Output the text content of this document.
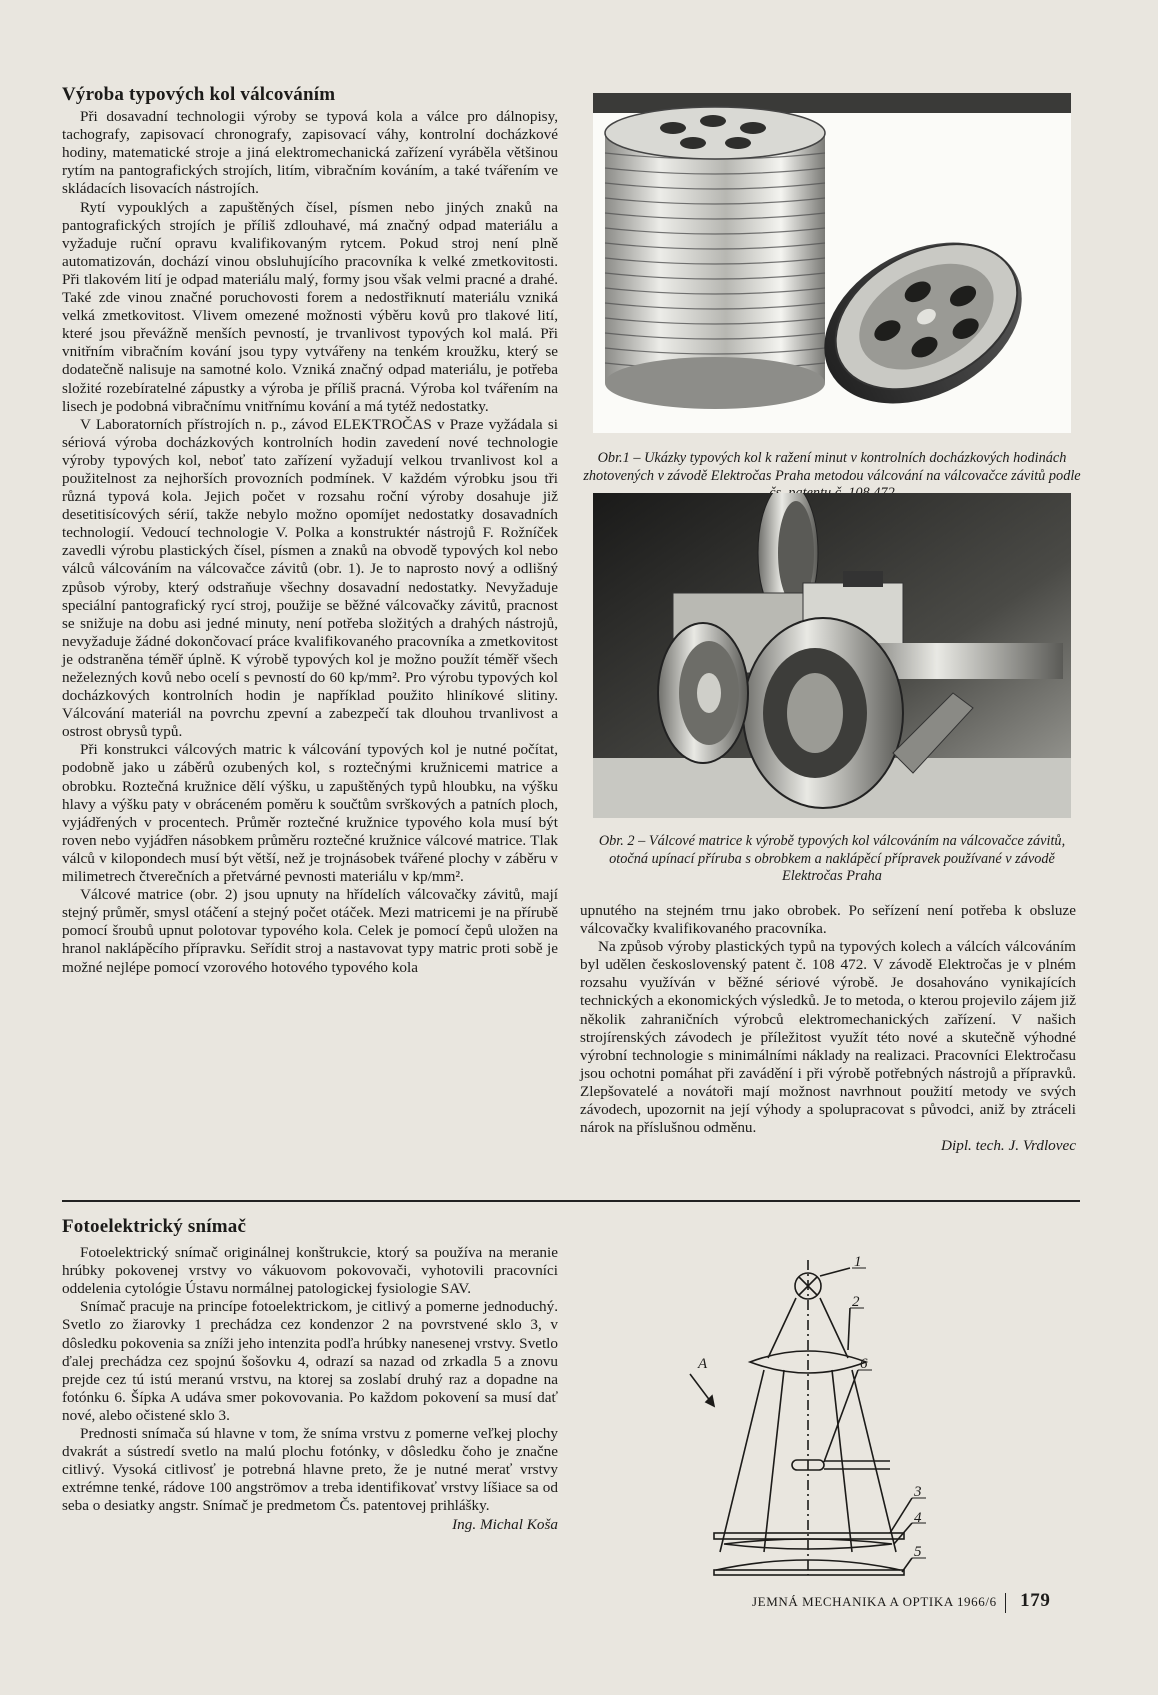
Výroba typových kol válcováním

Při dosavadní technologii výroby se typová kola a válce pro dálnopisy, tachografy, zapisovací chronografy, zapisovací váhy, kontrolní docházkové hodiny, matematické stroje a jiná elektromechanická zařízení vyráběla většinou rytím na pantografických strojích, litím, vibračním kováním, a také tvářením ve skládacích lisovacích nástrojích.

Rytí vypouklých a zapuštěných čísel, písmen nebo jiných znaků na pantografických strojích je příliš zdlouhavé, má značný odpad materiálu a vyžaduje ruční opravu kvalifikovaným rytcem. Pokud stroj není plně automatizován, dochází vinou obsluhujícího pracovníka k velké zmetkovitosti. Při tlakovém lití je odpad materiálu malý, formy jsou však velmi pracné a drahé. Také zde vinou značné poruchovosti forem a nedostřiknutí materiálu vzniká velká zmetkovitost. Vlivem omezené možnosti výběru kovů pro tlakové lití, které jsou převážně menších pevností, je trvanlivost typových kol malá. Při vnitřním vibračním kování jsou typy vytvářeny na tenkém kroužku, který se dodatečně nalisuje na samotné kolo. Vzniká značný odpad materiálu, je potřeba složité rozebíratelné zápustky a výroba je příliš pracná. Výroba kol tvářením na lisech je podobná vibračnímu vnitřnímu kování a má tytéž nedostatky.

V Laboratorních přístrojích n. p., závod ELEKTROČAS v Praze vyžádala si sériová výroba docházkových kontrolních hodin zavedení nové technologie výroby typových kol, neboť tato zařízení vyžadují velkou trvanlivost kol a použitelnost za nejhorších provozních podmínek. V každém výrobku jsou tři různá typová kola. Jejich počet v rozsahu roční výroby dosahuje již desetitisícových sérií, takže nebylo možno opomíjet nedostatky dosavadních technologií. Vedoucí technologie V. Polka a konstruktér nástrojů F. Rožníček zavedli výrobu plastických čísel, písmen a znaků na obvodě typových kol nebo válců válcováním na válcovačce závitů (obr. 1). Je to naprosto nový a odlišný způsob výroby, který odstraňuje všechny dosavadní nedostatky. Nevyžaduje speciální pantografický rycí stroj, použije se běžné válcovačky závitů, pracnost se snižuje na dobu asi jedné minuty, není potřeba složitých a drahých nástrojů, nevyžaduje žádné dokončovací práce kvalifikovaného pracovníka a zmetkovitost je odstraněna téměř úplně. K výrobě typových kol je možno použít téměř všech neželezných kovů nebo ocelí s pevností do 60 kp/mm². Pro výrobu typových kol docházkových kontrolních hodin je například použito hliníkové slitiny. Válcování materiál na povrchu zpevní a zabezpečí tak dlouhou trvanlivost a ostrost obrysů typů.

Při konstrukci válcových matric k válcování typových kol je nutné počítat, podobně jako u záběrů ozubených kol, s roztečnými kružnicemi matrice a obrobku. Roztečná kružnice dělí výšku, u zapuštěných typů hloubku, na výšku hlavy a výšku paty v obráceném poměru k součtům svrškových a patních ploch, vyjádřených v procentech. Průměr roztečné kružnice typového kola musí být roven nebo vyjádřen násobkem průměru roztečné kružnice válcové matrice. Tlak válců v kilopondech musí být větší, než je trojnásobek tvářené plochy v záběru v milimetrech čtverečních a přetvárné pevnosti materiálu v kp/mm².

Válcové matrice (obr. 2) jsou upnuty na hřídelích válcovačky závitů, mají stejný průměr, smysl otáčení a stejný počet otáček. Mezi matricemi je na přírubě pomocí šroubů upnut polotovar typového kola. Celek je pomocí čepů uložen na hranol naklápěcího přípravku. Seřídit stroj a nastavovat typy matric proti sobě je možné nejlépe pomocí vzorového hotového typového kola

Obr.1 – Ukázky typových kol k ražení minut v kontrolních docházkových hodinách zhotovených v závodě Elektročas Praha metodou válcování na válcovačce závitů podle
Obr. 2 – Válcové matrice k výrobě typových kol válcováním na válcovačce závitů, otočná upínací příruba s obrobkem a naklápěcí přípravek používané v závodě Elektročas Praha

upnutého na stejném trnu jako obrobek. Po seřízení není potřeba k obsluze válcovačky kvalifikovaného pracovníka.

Na způsob výroby plastických typů na typových kolech a válcích válcováním byl udělen československý patent č. 108 472. V závodě Elektročas je v plném rozsahu využíván v běžné sériové výrobě. Je dosahováno vynikajících technických a ekonomických výsledků. Je to metoda, o kterou projevilo zájem již několik zahraničních výrobců elektromechanických zařízení. V našich strojírenských závodech je příležitost využít této nové a skutečně výhodné výrobní technologie s minimálními náklady na realizaci. Pracovníci Elektročasu jsou ochotni pomáhat při zavádění i při výrobě potřebných nástrojů a přípravků. Zlepšovatelé a novátoři mají možnost navrhnout použití metody ve svých závodech, upozornit na její výhody a spolupracovat s původci, aniž by ztráceli nárok na příslušnou odměnu.

Dipl. tech. J. Vrdlovec
Fotoelektrický snímač

Fotoelektrický snímač originálnej konštrukcie, ktorý sa používa na meranie hrúbky pokovenej vrstvy vo vákuovom pokovovači, vyhotovili pracovníci oddelenia cytológie Ústavu normálnej patologickej fysiologie SAV.

Snímač pracuje na princípe fotoelektrickom, je citlivý a pomerne jednoduchý. Svetlo zo žiarovky 1 prechádza cez kondenzor 2 na povrstvené sklo 3, v dôsledku pokovenia sa zníži jeho intenzita podľa hrúbky nanesenej vrstvy. Svetlo ďalej prechádza cez spojnú šošovku 4, odrazí sa nazad od zrkadla 5 a znovu prejde cez tú istú meranú vrstvu, na ktorej sa zoslabí druhý raz a dopadne na fotónku 6. Šípka A udáva smer pokovovania. Po každom pokovení sa musí dať nové, alebo očistené sklo 3.

Prednosti snímača sú hlavne v tom, že sníma vrstvu z pomerne veľkej plochy dvakrát a sústredí svetlo na malú plochu fotónky, v dôsledku čoho je značne citlivý. Vysoká citlivosť je potrebná hlavne preto, že je nutné merať vrstvy extrémne tenké, rádove 100 angströmov a treba identifikovať vrstvy líšiace sa od seba o desiatky angstr. Snímač je predmetom Čs. patentovej prihlášky.

Ing. Michal Koša
1
2
6
3
4
5
A
JEMNÁ MECHANIKA A OPTIKA 1966/6 179
